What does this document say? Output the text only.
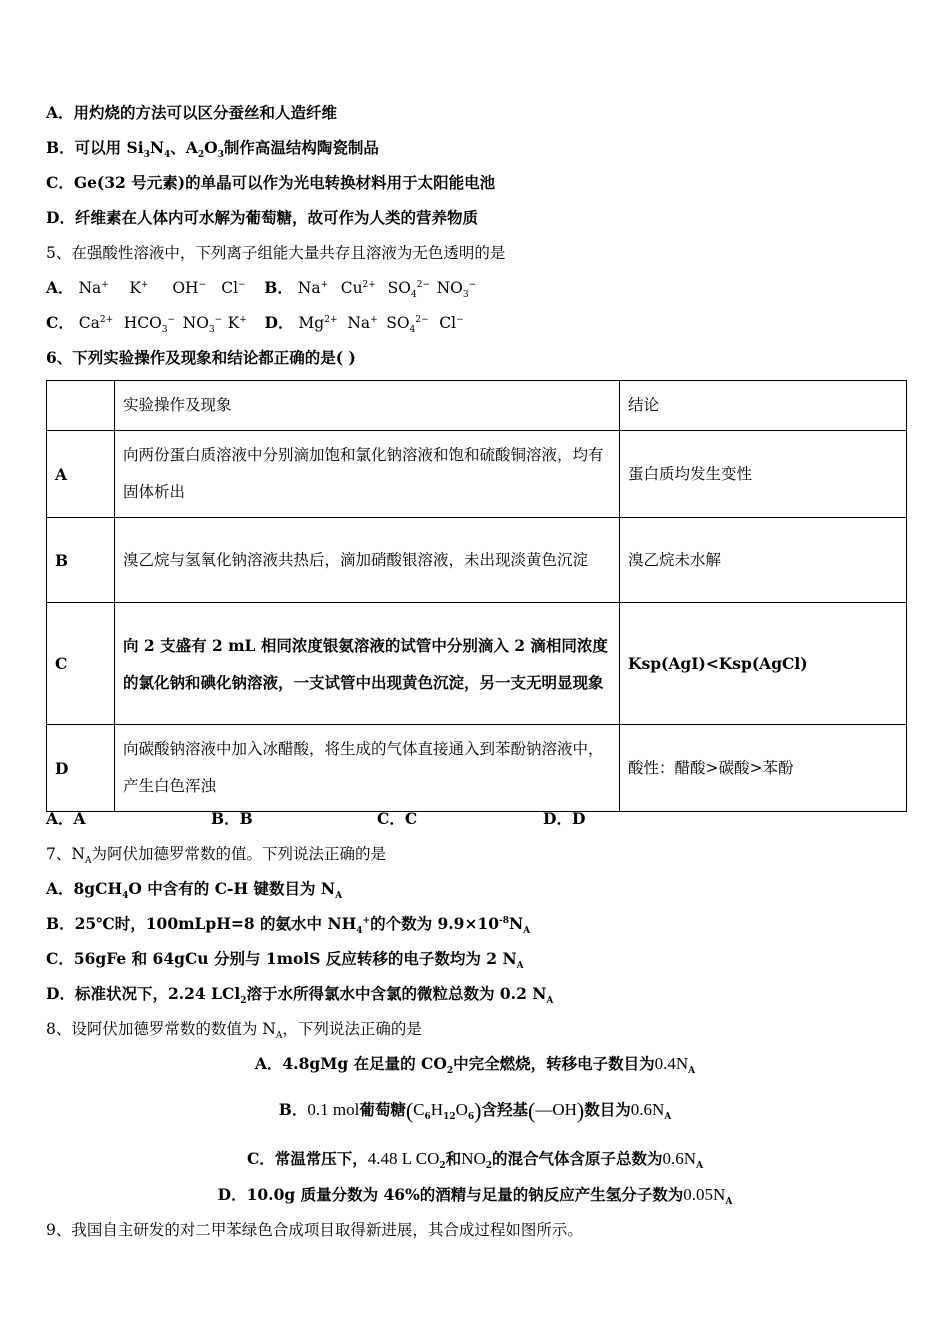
A．用灼烧的方法可以区分蚕丝和人造纤维
B．可以用 $Si_3N_4$、$A_2O_3$制作高温结构陶瓷制品
C．Ge(32 号元素)的单晶可以作为光电转换材料用于太阳能电池
D．纤维素在人体内可水解为葡萄糖，故可作为人类的营养物质
5、在强酸性溶液中，下列离子组能大量共存且溶液为无色透明的是
A． Na+ K+ OH− Cl− B． Na+ $Cu^{2+}$ $SO_4^{2-}$ $NO_3^-$
C． $Ca^{2+}$ $HCO_3^-$ $NO_3^-$ K+ D． $Mg^{2+}$ Na+ $SO_4^{2-}$ Cl−
6、下列实验操作及现象和结论都正确的是( )
	实验操作及现象	结论
A	向两份蛋白质溶液中分别滴加饱和氯化钠溶液和饱和硫酸铜溶液，均有固体析出	蛋白质均发生变性
B	溴乙烷与氢氧化钠溶液共热后，滴加硝酸银溶液，未出现淡黄色沉淀	溴乙烷未水解
C	向 2 支盛有 2 mL 相同浓度银氨溶液的试管中分别滴入 2 滴相同浓度的氯化钠和碘化钠溶液，一支试管中出现黄色沉淀，另一支无明显现象	Ksp(AgI)<Ksp(AgCl)
D	向碳酸钠溶液中加入冰醋酸，将生成的气体直接通入到苯酚钠溶液中，产生白色浑浊	酸性：醋酸>碳酸>苯酚
A．A	B．B	C．C	D．D
7、$N_A$为阿伏加德罗常数的值。下列说法正确的是
A．8gCH$_4$O 中含有的 C-H 键数目为 $N_A$
B．25℃时，100mLpH=8 的氨水中 $NH_4^+$的个数为 $9.9\times 10^{-8}N_A$
C．56gFe 和 64gCu 分别与 1molS 反应转移的电子数均为 2 $N_A$
D．标准状况下，2.24 LCl$_2$溶于水所得氯水中含氯的微粒总数为 0.2 $N_A$
8、设阿伏加德罗常数的数值为 $N_A$，下列说法正确的是
A．4.8gMg 在足量的 $CO_2$中完全燃烧，转移电子数目为$0.4N_A$
B．0.1 mol葡萄糖$(C_6H_{12}O_6)$含羟基(—OH)数目为$0.6N_A$
C．常温常压下，4.48 L $CO_2$和$NO_2$的混合气体含原子总数为$0.6N_A$
D．10.0g 质量分数为 46%的酒精与足量的钠反应产生氢分子数为$0.05N_A$
9、我国自主研发的对二甲苯绿色合成项目取得新进展，其合成过程如图所示。
